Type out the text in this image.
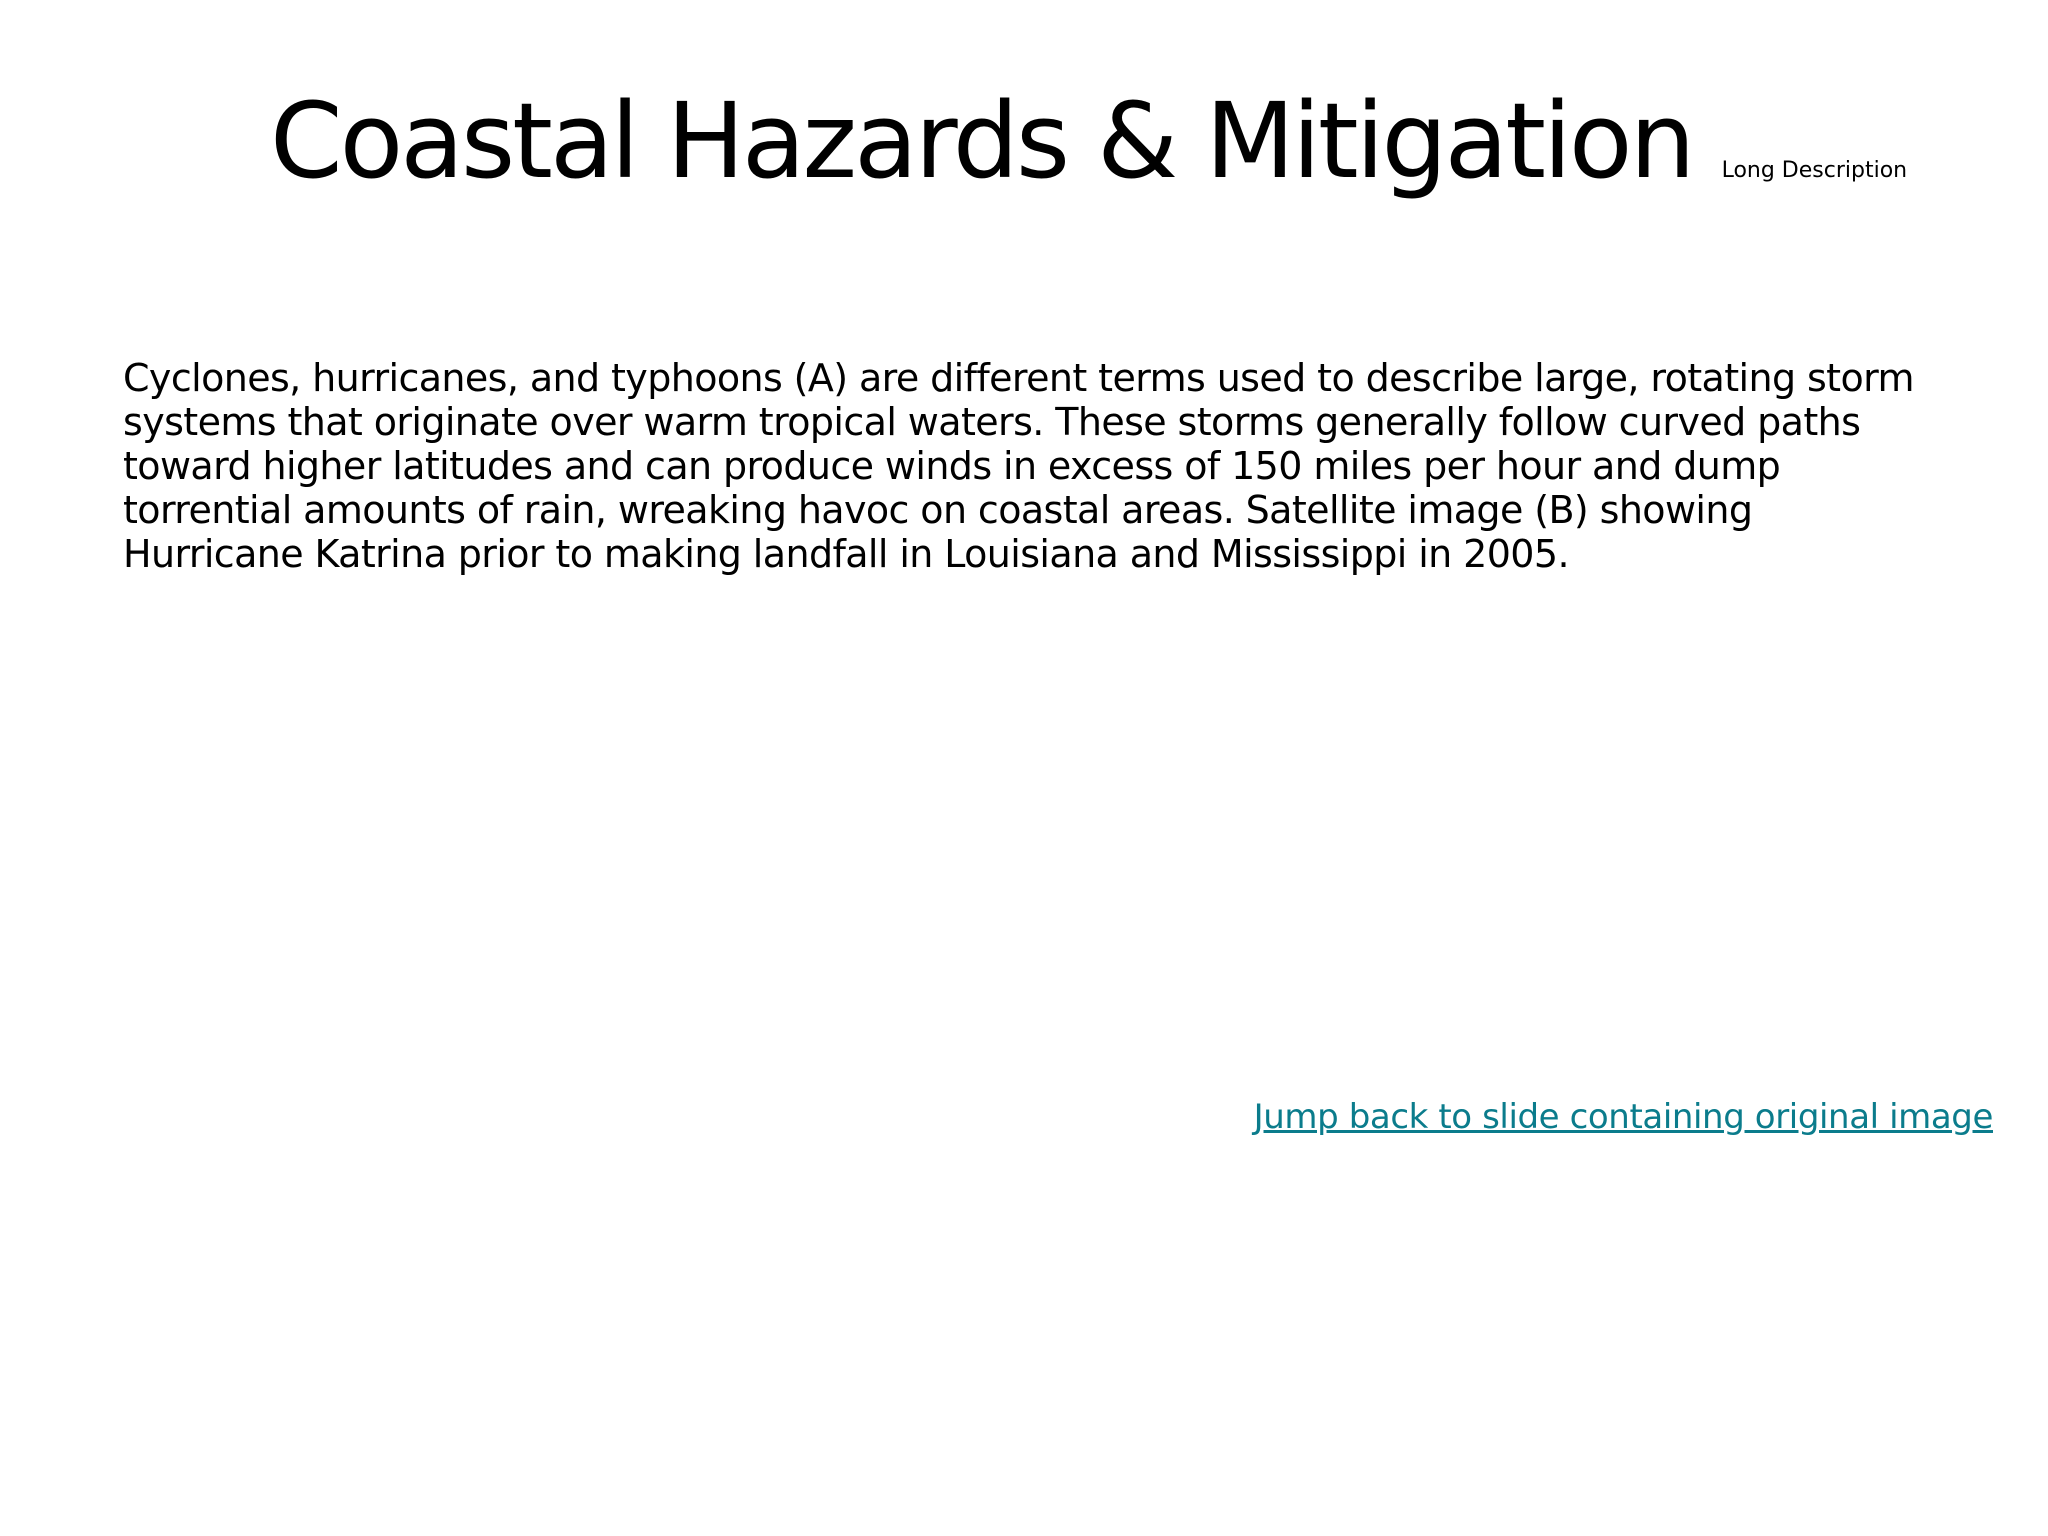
Coastal Hazards & Mitigation Long Description

Cyclones, hurricanes, and typhoons (A) are different terms used to describe large, rotating storm systems that originate over warm tropical waters. These storms generally follow curved paths toward higher latitudes and can produce winds in excess of 150 miles per hour and dump torrential amounts of rain, wreaking havoc on coastal areas. Satellite image (B) showing Hurricane Katrina prior to making landfall in Louisiana and Mississippi in 2005.

Jump back to slide containing original image
